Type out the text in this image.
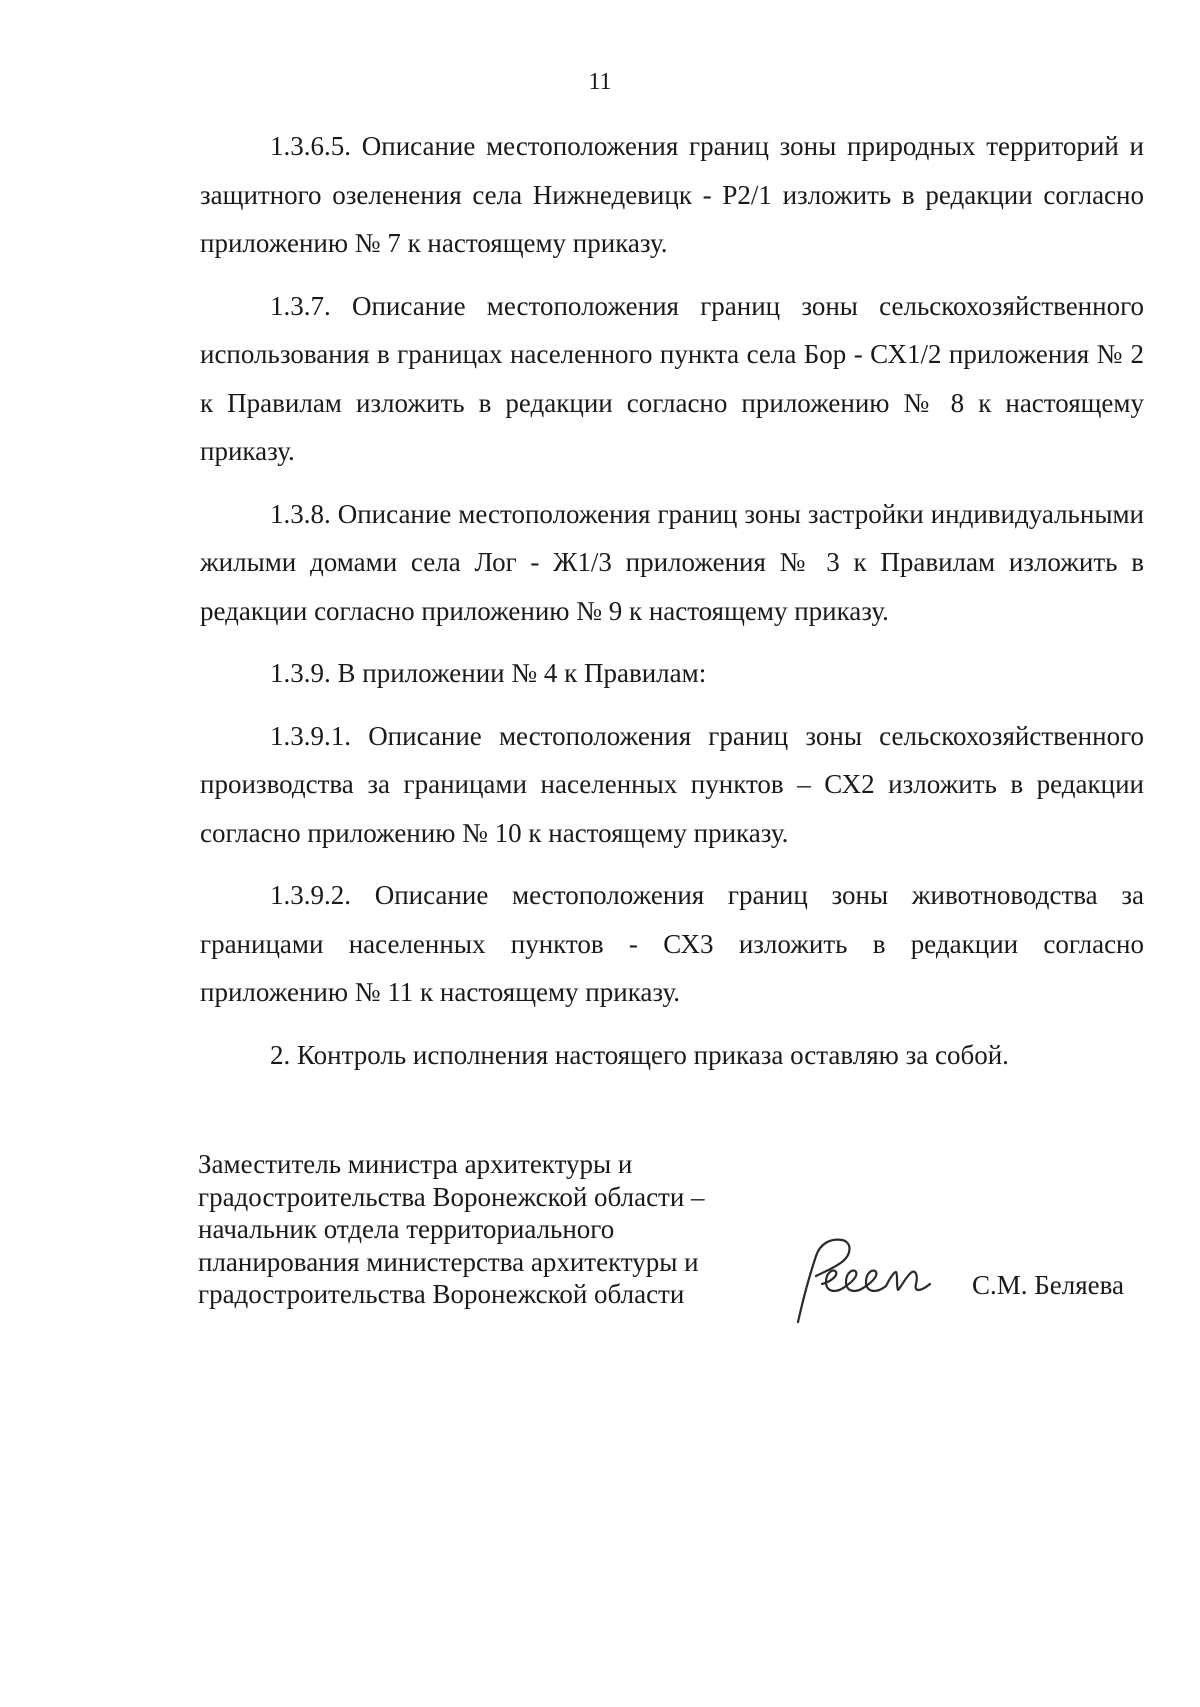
11

1.3.6.5. Описание местоположения границ зоны природных территорий и защитного озеленения села Нижнедевицк - Р2/1 изложить в редакции согласно приложению № 7 к настоящему приказу.

1.3.7. Описание местоположения границ зоны сельскохозяйственного использования в границах населенного пункта села Бор - СХ1/2 приложения № 2 к Правилам изложить в редакции согласно приложению № 8 к настоящему приказу.

1.3.8. Описание местоположения границ зоны застройки индивидуальными жилыми домами села Лог - Ж1/3 приложения № 3 к Правилам изложить в редакции согласно приложению № 9 к настоящему приказу.

1.3.9. В приложении № 4 к Правилам:

1.3.9.1. Описание местоположения границ зоны сельскохозяйственного производства за границами населенных пунктов – СХ2 изложить в редакции согласно приложению № 10 к настоящему приказу.

1.3.9.2. Описание местоположения границ зоны животноводства за границами населенных пунктов - СХ3 изложить в редакции согласно приложению № 11 к настоящему приказу.

2. Контроль исполнения настоящего приказа оставляю за собой.

Заместитель министра архитектуры и
градостроительства Воронежской области –
начальник отдела территориального
планирования министерства архитектуры и
градостроительства Воронежской области	С.М. Беляева
